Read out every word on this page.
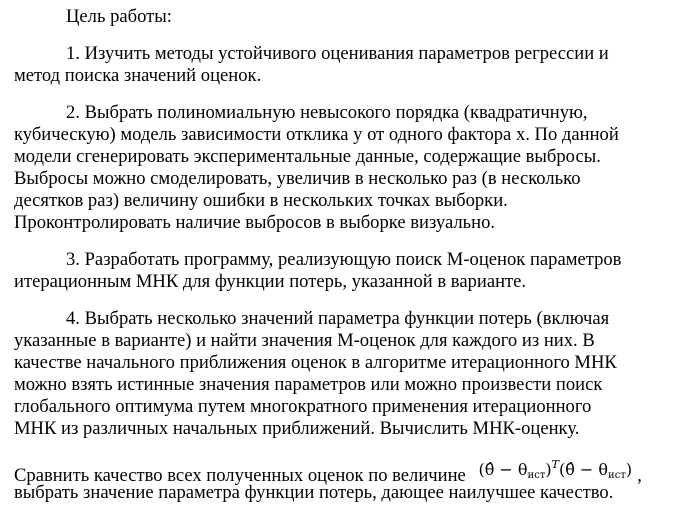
Цель работы:
1. Изучить методы устойчивого оценивания параметров регрессии и
метод поиска значений оценок.
2. Выбрать полиномиальную невысокого порядка (квадратичную,
кубическую) модель зависимости отклика у от одного фактора х. По данной
модели сгенерировать экспериментальные данные, содержащие выбросы.
Выбросы можно смоделировать, увеличив в несколько раз (в несколько
десятков раз) величину ошибки в нескольких точках выборки.
Проконтролировать наличие выбросов в выборке визуально.
3. Разработать программу, реализующую поиск М-оценок параметров
итерационным МНК для функции потерь, указанной в варианте.
4. Выбрать несколько значений параметра функции потерь (включая
указанные в варианте) и найти значения М-оценок для каждого из них. В
качестве начального приближения оценок в алгоритме итерационного МНК
можно взять истинные значения параметров или можно произвести поиск
глобального оптимума путем многократного применения итерационного
МНК из различных начальных приближений. Вычислить МНК-оценку.
Сравнить качество всех полученных оценок по величине (θ̂ − $\theta_{ист})^T(\thetâ - \theta_{ист})$ ,
выбрать значение параметра функции потерь, дающее наилучшее качество.
